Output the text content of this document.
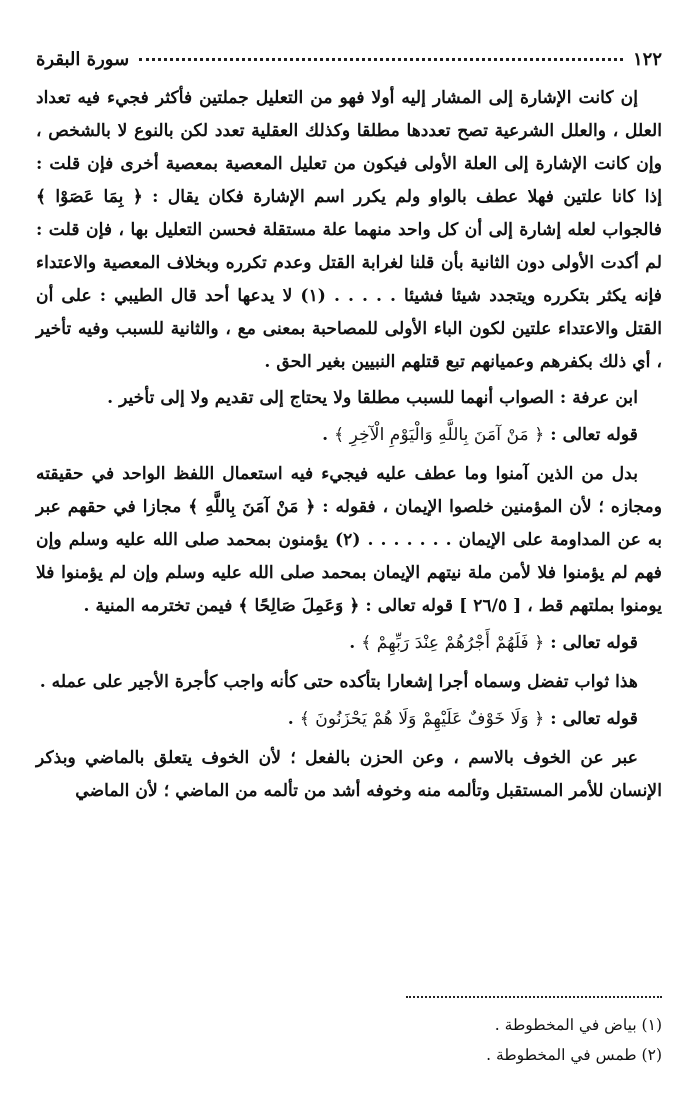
١٢٢
سورة البقرة

إن كانت الإشارة إلى المشار إليه أولا فهو من التعليل جملتين فأكثر فجيء فيه تعداد العلل ، والعلل الشرعية تصح تعددها مطلقا وكذلك العقلية تعدد لكن بالنوع لا بالشخص ، وإن كانت الإشارة إلى العلة الأولى فيكون من تعليل المعصية بمعصية أخرى فإن قلت : إذا كانا علتين فهلا عطف بالواو ولم يكرر اسم الإشارة فكان يقال : ﴿ بِمَا عَصَوْا ﴾ فالجواب لعله إشارة إلى أن كل واحد منهما علة مستقلة فحسن التعليل بها ، فإن قلت : لم أكدت الأولى دون الثانية بأن قلنا لغرابة القتل وعدم تكرره وبخلاف المعصية والاعتداء فإنه يكثر بتكرره ويتجدد شيئا فشيئا . . . . . (١) لا يدعها أحد قال الطيبي : على أن القتل والاعتداء علتين لكون الباء الأولى للمصاحبة بمعنى مع ، والثانية للسبب وفيه تأخير ، أي ذلك بكفرهم وعميانهم تبع قتلهم النبيين بغير الحق .

ابن عرفة : الصواب أنهما للسبب مطلقا ولا يحتاج إلى تقديم ولا إلى تأخير .

قوله تعالى : ﴿ مَنْ آمَنَ بِاللَّهِ وَالْيَوْمِ الْآخِرِ ﴾ .

بدل من الذين آمنوا وما عطف عليه فيجيء فيه استعمال اللفظ الواحد في حقيقته ومجازه ؛ لأن المؤمنين خلصوا الإيمان ، فقوله : ﴿ مَنْ آمَنَ بِاللَّهِ ﴾ مجازا في حقهم عبر به عن المداومة على الإيمان . . . . . . . (٢) يؤمنون بمحمد صلى الله عليه وسلم وإن فهم لم يؤمنوا فلا لأمن ملة نيتهم الإيمان بمحمد صلى الله عليه وسلم وإن لم يؤمنوا فلا يومنوا بملتهم قط ، [ ٢٦/٥ ] قوله تعالى : ﴿ وَعَمِلَ صَالِحًا ﴾ فيمن تخترمه المنية .

قوله تعالى : ﴿ فَلَهُمْ أَجْرُهُمْ عِنْدَ رَبِّهِمْ ﴾ .

هذا ثواب تفضل وسماه أجرا إشعارا بتأكده حتى كأنه واجب كأجرة الأجير على عمله .

قوله تعالى : ﴿ وَلَا خَوْفٌ عَلَيْهِمْ وَلَا هُمْ يَحْزَنُونَ ﴾ .

عبر عن الخوف بالاسم ، وعن الحزن بالفعل ؛ لأن الخوف يتعلق بالماضي وبذكر الإنسان للأمر المستقبل وتألمه منه وخوفه أشد من تألمه من الماضي ؛ لأن الماضي

(١) بياض في المخطوطة .
(٢) طمس في المخطوطة .
